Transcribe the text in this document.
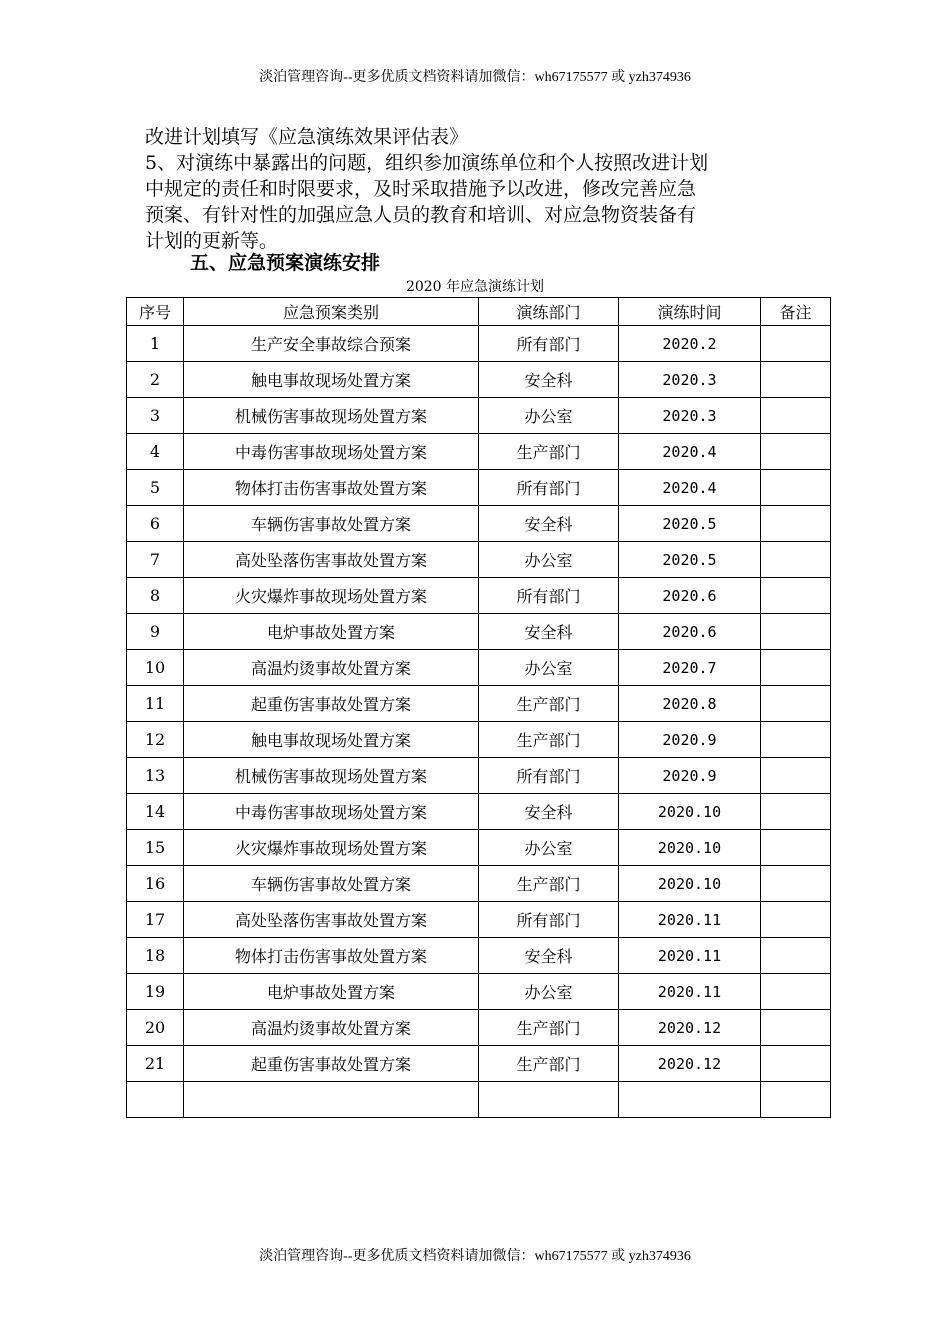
淡泊管理咨询--更多优质文档资料请加微信：wh67175577 或 yzh374936

改进计划填写《应急演练效果评估表》

5、对演练中暴露出的问题，组织参加演练单位和个人按照改进计划

中规定的责任和时限要求，及时采取措施予以改进，修改完善应急

预案、有针对性的加强应急人员的教育和培训、对应急物资装备有

计划的更新等。

五、应急预案演练安排
2020 年应急演练计划
序号	应急预案类别	演练部门	演练时间	备注
1	生产安全事故综合预案	所有部门	2020.2	
2	触电事故现场处置方案	安全科	2020.3	
3	机械伤害事故现场处置方案	办公室	2020.3	
4	中毒伤害事故现场处置方案	生产部门	2020.4	
5	物体打击伤害事故处置方案	所有部门	2020.4	
6	车辆伤害事故处置方案	安全科	2020.5	
7	高处坠落伤害事故处置方案	办公室	2020.5	
8	火灾爆炸事故现场处置方案	所有部门	2020.6	
9	电炉事故处置方案	安全科	2020.6	
10	高温灼烫事故处置方案	办公室	2020.7	
11	起重伤害事故处置方案	生产部门	2020.8	
12	触电事故现场处置方案	生产部门	2020.9	
13	机械伤害事故现场处置方案	所有部门	2020.9	
14	中毒伤害事故现场处置方案	安全科	2020.10	
15	火灾爆炸事故现场处置方案	办公室	2020.10	
16	车辆伤害事故处置方案	生产部门	2020.10	
17	高处坠落伤害事故处置方案	所有部门	2020.11	
18	物体打击伤害事故处置方案	安全科	2020.11	
19	电炉事故处置方案	办公室	2020.11	
20	高温灼烫事故处置方案	生产部门	2020.12	
21	起重伤害事故处置方案	生产部门	2020.12	

淡泊管理咨询--更多优质文档资料请加微信：wh67175577 或 yzh374936
